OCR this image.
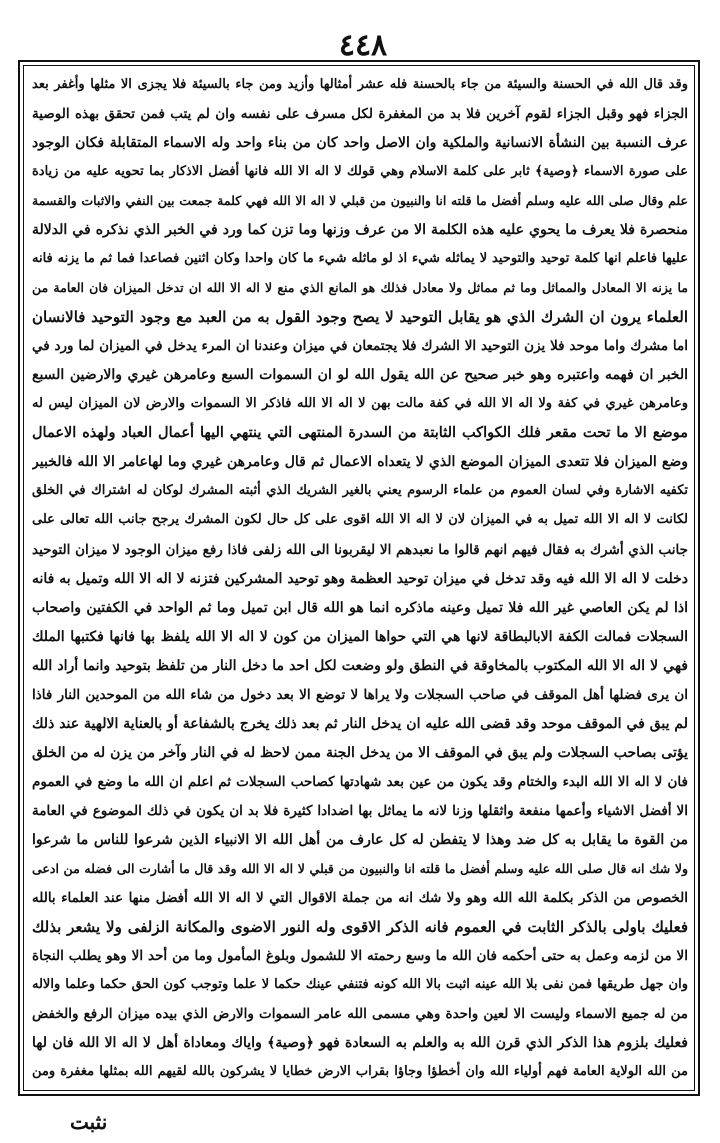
٤٤٨
وقد قال الله في الحسنة والسيئة من جاء بالحسنة فله عشر أمثالها وأزيد ومن جاء بالسيئة فلا يجزى الا مثلها وأغفر بعد
الجزاء فهو وقبل الجزاء لقوم آخرين فلا بد من المغفرة لكل مسرف على نفسه وان لم يتب فمن تحقق بهذه الوصية
عرف النسبة بين النشأة الانسانية والملكية وان الاصل واحد كان من بناء واحد وله الاسماء المتقابلة فكان الوجود
على صورة الاسماء ﴿وصية﴾ ثابر على كلمة الاسلام وهي قولك لا اله الا الله فانها أفضل الاذكار بما تحويه عليه من زيادة
علم وقال صلى الله عليه وسلم أفضل ما قلته انا والنبيون من قبلي لا اله الا الله فهي كلمة جمعت بين النفي والاثبات والقسمة
منحصرة فلا يعرف ما يحوي عليه هذه الكلمة الا من عرف وزنها وما تزن كما ورد في الخبر الذي نذكره في الدلالة
عليها فاعلم انها كلمة توحيد والتوحيد لا يماثله شيء اذ لو ماثله شيء ما كان واحدا وكان اثنين فصاعدا فما ثم ما يزنه فانه
ما يزنه الا المعادل والمماثل وما ثم مماثل ولا معادل فذلك هو المانع الذي منع لا اله الا الله ان تدخل الميزان فان العامة من
العلماء يرون ان الشرك الذي هو يقابل التوحيد لا يصح وجود القول به من العبد مع وجود التوحيد فالانسان
اما مشرك واما موحد فلا يزن التوحيد الا الشرك فلا يجتمعان في ميزان وعندنا ان المرء يدخل في الميزان لما ورد في
الخبر ان فهمه واعتبره وهو خبر صحيح عن الله يقول الله لو ان السموات السبع وعامرهن غيري والارضين السبع
وعامرهن غيري في كفة ولا اله الا الله في كفة مالت بهن لا اله الا الله فاذكر الا السموات والارض لان الميزان ليس له
موضع الا ما تحت مقعر فلك الكواكب الثابتة من السدرة المنتهى التي ينتهي اليها أعمال العباد ولهذه الاعمال
وضع الميزان فلا تتعدى الميزان الموضع الذي لا يتعداه الاعمال ثم قال وعامرهن غيري وما لهاعامر الا الله فالخبير
تكفيه الاشارة وفي لسان العموم من علماء الرسوم يعني بالغير الشريك الذي أثبته المشرك لوكان له اشتراك في الخلق
لكانت لا اله الا الله تميل به في الميزان لان لا اله الا الله اقوى على كل حال لكون المشرك يرجح جانب الله تعالى على
جانب الذي أشرك به فقال فيهم انهم قالوا ما نعبدهم الا ليقربونا الى الله زلفى فاذا رفع ميزان الوجود لا ميزان التوحيد
دخلت لا اله الا الله فيه وقد تدخل في ميزان توحيد العظمة وهو توحيد المشركين فتزنه لا اله الا الله وتميل به فانه
اذا لم يكن العاصي غير الله فلا تميل وعينه ماذكره انما هو الله قال ابن تميل وما ثم الواحد في الكفتين واصحاب
السجلات فمالت الكفة الابالبطاقة لانها هي التي حواها الميزان من كون لا اله الا الله يلفظ بها فانها فكتبها الملك
فهي لا اله الا الله المكتوب بالمخاوقة في النطق ولو وضعت لكل احد ما دخل النار من تلفظ بتوحيد وانما أراد الله
ان يرى فضلها أهل الموقف في صاحب السجلات ولا يراها لا توضع الا بعد دخول من شاء الله من الموحدين النار فاذا
لم يبق في الموقف موحد وقد قضى الله عليه ان يدخل النار ثم بعد ذلك يخرج بالشفاعة أو بالعناية الالهية عند ذلك
يؤتى بصاحب السجلات ولم يبق في الموقف الا من يدخل الجنة ممن لاحظ له في النار وآخر من يزن له من الخلق
فان لا اله الا الله البدء والختام وقد يكون من عين بعد شهادتها كصاحب السجلات ثم اعلم ان الله ما وضع في العموم
الا أفضل الاشياء وأعمها منفعة واثقلها وزنا لانه ما يماثل بها اضدادا كثيرة فلا بد ان يكون في ذلك الموضوع في العامة
من القوة ما يقابل به كل ضد وهذا لا يتفطن له كل عارف من أهل الله الا الانبياء الذين شرعوا للناس ما شرعوا
ولا شك انه قال صلى الله عليه وسلم أفضل ما قلته انا والنبيون من قبلي لا اله الا الله وقد قال ما أشارت الى فضله من ادعى
الخصوص من الذكر بكلمة الله الله وهو ولا شك انه من جملة الاقوال التي لا اله الا الله أفضل منها عند العلماء بالله
فعليك باولى بالذكر الثابت في العموم فانه الذكر الاقوى وله النور الاضوى والمكانة الزلفى ولا يشعر بذلك
الا من لزمه وعمل به حتى أحكمه فان الله ما وسع رحمته الا للشمول وبلوغ المأمول وما من أحد الا وهو يطلب النجاة
وان جهل طريقها فمن نفى بلا الله عينه اثبت بالا الله كونه فتنفي عينك حكما لا علما وتوجب كون الحق حكما وعلما والاله
من له جميع الاسماء وليست الا لعين واحدة وهي مسمى الله عامر السموات والارض الذي بيده ميزان الرفع والخفض
فعليك بلزوم هذا الذكر الذي قرن الله به والعلم به السعادة فهو ﴿وصية﴾ واياك ومعاداة أهل لا اله الا الله فان لها
من الله الولاية العامة فهم أولياء الله وان أخطؤا وجاؤا بقراب الارض خطايا لا يشركون بالله لقيهم الله بمثلها مغفرة ومن
نثبت
